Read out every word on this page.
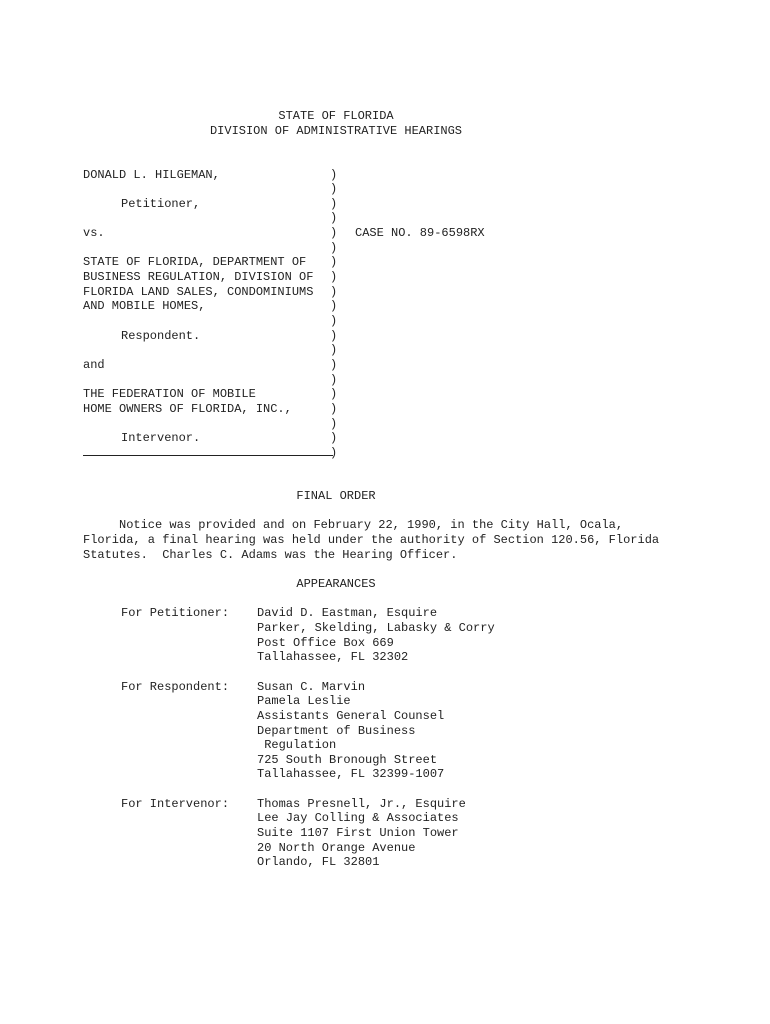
STATE OF FLORIDA
DIVISION OF ADMINISTRATIVE HEARINGS
DONALD L. HILGEMAN,
Petitioner,
vs.	CASE NO. 89-6598RX
STATE OF FLORIDA, DEPARTMENT OF
BUSINESS REGULATION, DIVISION OF
FLORIDA LAND SALES, CONDOMINIUMS
AND MOBILE HOMES,
Respondent.
and
THE FEDERATION OF MOBILE
HOME OWNERS OF FLORIDA, INC.,
Intervenor.
)
)
)
)
)
)
)
)
)
)
)
)
)
)
)
)
)
)
)
)
FINAL ORDER
Notice was provided and on February 22, 1990, in the City Hall, Ocala,
Florida, a final hearing was held under the authority of Section 120.56, Florida
Statutes.  Charles C. Adams was the Hearing Officer.
APPEARANCES
For Petitioner: David D. Eastman, Esquire
Parker, Skelding, Labasky & Corry
Post Office Box 669
Tallahassee, FL 32302
For Respondent: Susan C. Marvin
Pamela Leslie
Assistants General Counsel
Department of Business
Regulation
725 South Bronough Street
Tallahassee, FL 32399-1007
For Intervenor: Thomas Presnell, Jr., Esquire
Lee Jay Colling & Associates
Suite 1107 First Union Tower
20 North Orange Avenue
Orlando, FL 32801
